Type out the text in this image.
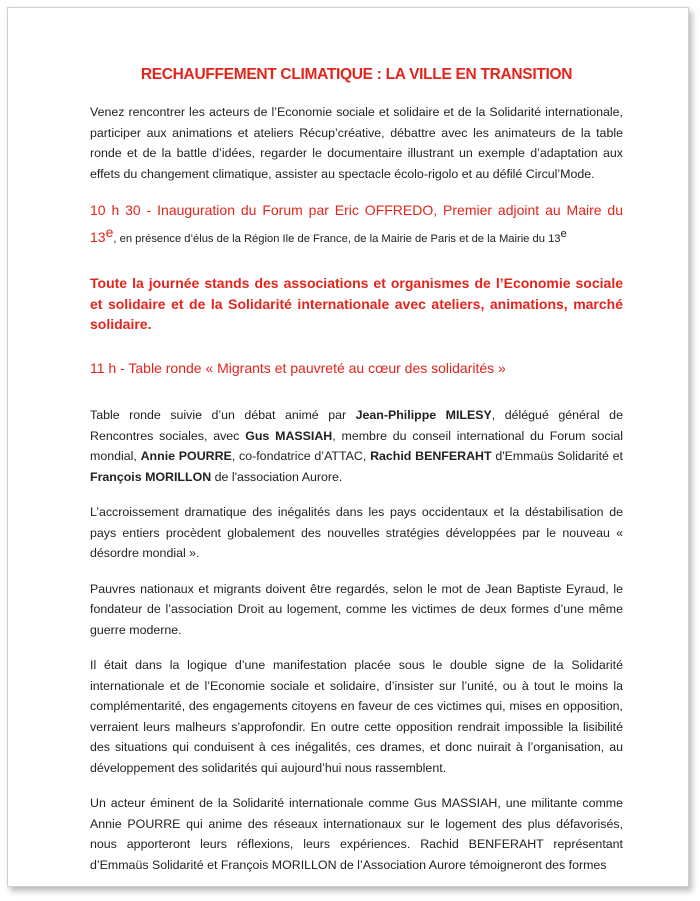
RECHAUFFEMENT CLIMATIQUE : LA VILLE EN TRANSITION

Venez rencontrer les acteurs de l’Economie sociale et solidaire et de la Solidarité internationale, participer aux animations et ateliers Récup’créative, débattre avec les animateurs de la table ronde et de la battle d’idées, regarder le documentaire illustrant un exemple d’adaptation aux effets du changement climatique, assister au spectacle écolo-rigolo et au défilé Circul’Mode.

10 h 30 - Inauguration du Forum par Eric OFFREDO, Premier adjoint au Maire du 13e, en présence d’élus de la Région Ile de France, de la Mairie de Paris et de la Mairie du 13e

Toute la journée stands des associations et organismes de l’Economie sociale et solidaire et de la Solidarité internationale avec ateliers, animations, marché solidaire.

11 h - Table ronde « Migrants et pauvreté au cœur des solidarités »

Table ronde suivie d’un débat animé par Jean-Philippe MILESY, délégué général de Rencontres sociales, avec Gus MASSIAH, membre du conseil international du Forum social mondial, Annie POURRE, co-fondatrice d’ATTAC, Rachid BENFERAHT d'Emmaüs Solidarité et François MORILLON de l'association Aurore.

L’accroissement dramatique des inégalités dans les pays occidentaux et la déstabilisation de pays entiers procèdent globalement des nouvelles stratégies développées par le nouveau « désordre mondial ».

Pauvres nationaux et migrants doivent être regardés, selon le mot de Jean Baptiste Eyraud, le fondateur de l’association Droit au logement, comme les victimes de deux formes d’une même guerre moderne.

Il était dans la logique d’une manifestation placée sous le double signe de la Solidarité internationale et de l’Economie sociale et solidaire, d’insister sur l’unité, ou à tout le moins la complémentarité, des engagements citoyens en faveur de ces victimes qui, mises en opposition, verraient leurs malheurs s’approfondir. En outre cette opposition rendrait impossible la lisibilité des situations qui conduisent à ces inégalités, ces drames, et donc nuirait à l’organisation, au développement des solidarités qui aujourd’hui nous rassemblent.

Un acteur éminent de la Solidarité internationale comme Gus MASSIAH, une militante comme Annie POURRE qui anime des réseaux internationaux sur le logement des plus défavorisés, nous apporteront leurs réflexions, leurs expériences. Rachid BENFERAHT représentant d’Emmaüs Solidarité et François MORILLON de l’Association Aurore témoigneront des formes
